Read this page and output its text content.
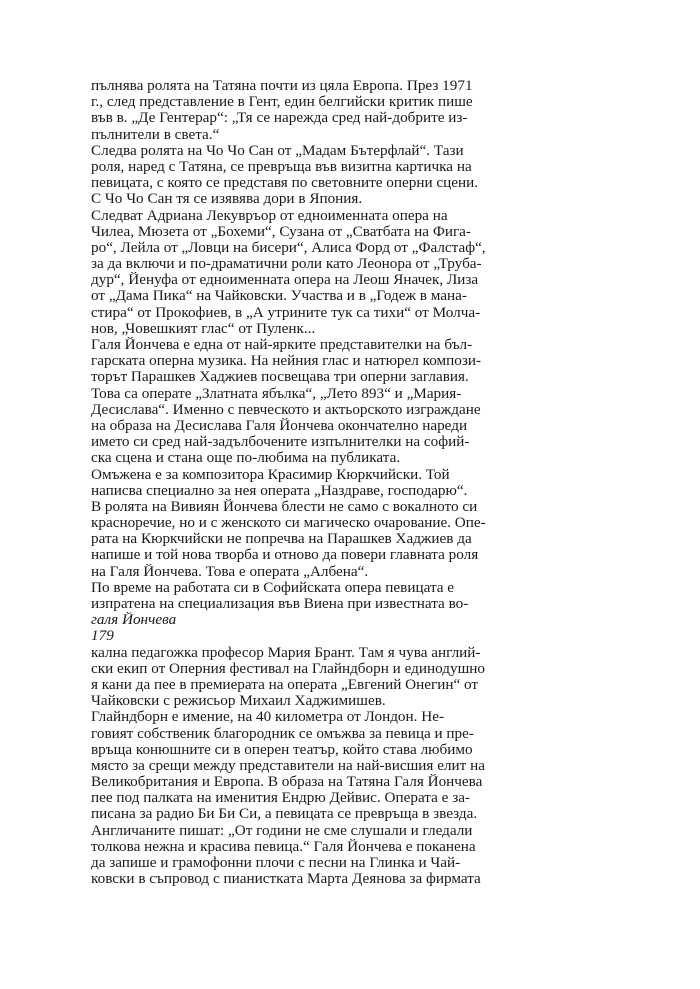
пълнява ролята на Татяна почти из цяла Европа. През 1971
г., след представление в Гент, един белгийски критик пише
във в. „Де Гентерар“: „Тя се нарежда сред най-добрите из-
пълнители в света.“
Следва ролята на Чо Чо Сан от „Мадам Бътерфлай“. Тази
роля, наред с Татяна, се превръща във визитна картичка на
певицата, с която се представя по световните оперни сцени.
С Чо Чо Сан тя се изявява дори в Япония.
Следват Адриана Лекувръор от едноименната опера на
Чилеа, Мюзета от „Бохеми“, Сузана от „Сватбата на Фигa-
ро“, Лейла от „Ловци на бисери“, Алиса Форд от „Фалстаф“,
за да включи и по-драматични роли като Леонора от „Труба-
дур“, Йенуфа от едноименната опера на Леош Яначек, Лиза
от „Дама Пика“ на Чайковски. Участва и в „Годеж в мана-
стира“ от Прокофиев, в „А утрините тук са тихи“ от Молча-
нов, „Човешкият глас“ от Пуленк...
Галя Йончева е една от най-ярките представителки на бъл-
гарската оперна музика. На нейния глас и натюрел компози-
торът Парашкев Хаджиев посвещава три оперни заглавия.
Това са операте „Златната ябълка“, „Лето 893“ и „Мария-
Десислава“. Именно с певческото и актьорското изграждане
на образа на Десислава Галя Йончева окончателно нареди
името си сред най-задълбочените изпълнителки на софий-
ска сцена и стана още по-любима на публиката.
Омъжена е за композитора Красимир Кюркчийски. Той
написва специално за нея операта „Наздраве, господарю“.
В ролята на Вивиян Йончева блести не само с вокалното си
красноречие, но и с женското си магическо очарование. Опе-
рата на Кюркчийски не попречва на Парашкев Хаджиев да
напише и той нова творба и отново да повери главната роля
на Галя Йончева. Това е операта „Албена“.
По време на работата си в Софийската опера певицата е
изпратена на специализация във Виена при известната во-
галя Йончева
179
кална педагожка професор Мария Брант. Там я чува англий-
ски екип от Оперния фестивал на Глайндборн и единодушно
я кани да пее в премиерата на операта „Евгений Онегин“ от
Чайковски с режисьор Михаил Хаджимишев.
Глайндборн е имение, на 40 километра от Лондон. Не-
говият собственик благородник се омъжва за певица и пре-
връща конюшните си в оперен театър, който става любимо
място за срещи между представители на най-висшия елит на
Великобритания и Европа. В образа на Татяна Галя Йончева
пее под палката на именития Ендрю Дейвис. Операта е за-
писана за радио Би Би Си, а певицата се превръща в звезда.
Англичаните пишат: „От години не сме слушали и гледали
толкова нежна и красива певица.“ Галя Йончева е поканена
да запише и грамофонни плочи с песни на Глинка и Чай-
ковски в съпровод с пианистката Марта Деянова за фирмата
